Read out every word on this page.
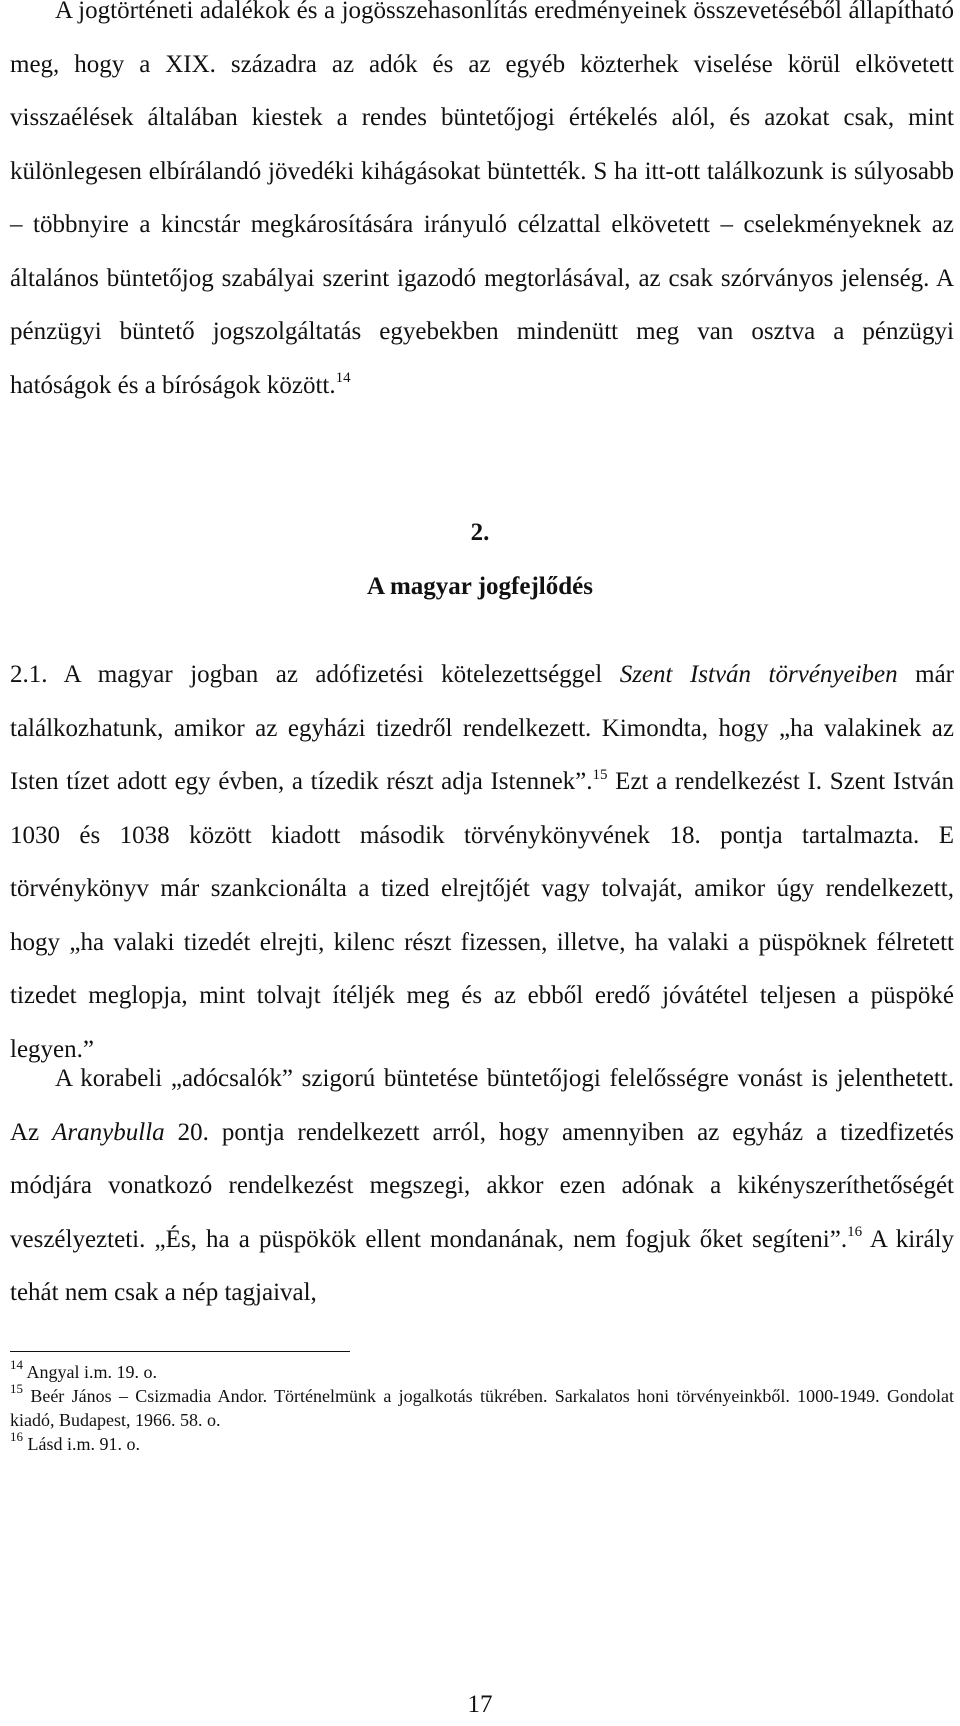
A jogtörténeti adalékok és a jogösszehasonlítás eredményeinek összevetéséből állapítható meg, hogy a XIX. századra az adók és az egyéb közterhek viselése körül elkövetett visszaélések általában kiestek a rendes büntetőjogi értékelés alól, és azokat csak, mint különlegesen elbírálandó jövedéki kihágásokat büntették. S ha itt-ott találkozunk is súlyosabb – többnyire a kincstár megkárosítására irányuló célzattal elkövetett – cselekményeknek az általános büntetőjog szabályai szerint igazodó megtorlásával, az csak szórványos jelenség. A pénzügyi büntető jogszolgáltatás egyebekben mindenütt meg van osztva a pénzügyi hatóságok és a bíróságok között.$^{14}$

2.
A magyar jogfejlődés

2.1. A magyar jogban az adófizetési kötelezettséggel Szent István törvényeiben már találkozhatunk, amikor az egyházi tizedről rendelkezett. Kimondta, hogy „ha valakinek az Isten tízet adott egy évben, a tízedik részt adja Istennek”.$^{15}$ Ezt a rendelkezést I. Szent István 1030 és 1038 között kiadott második törvénykönyvének 18. pontja tartalmazta. E törvénykönyv már szankcionálta a tized elrejtőjét vagy tolvaját, amikor úgy rendelkezett, hogy „ha valaki tizedét elrejti, kilenc részt fizessen, illetve, ha valaki a püspöknek félretett tizedet meglopja, mint tolvajt ítéljék meg és az ebből eredő jóvátétel teljesen a püspöké legyen.”

A korabeli „adócsalók” szigorú büntetése büntetőjogi felelősségre vonást is jelenthetett. Az Aranybulla 20. pontja rendelkezett arról, hogy amennyiben az egyház a tizedfizetés módjára vonatkozó rendelkezést megszegi, akkor ezen adónak a kikényszeríthetőségét veszélyezteti. „És, ha a püspökök ellent mondanának, nem fogjuk őket segíteni”.$^{16}$ A király tehát nem csak a nép tagjaival,

$^{14}$ Angyal i.m. 19. o.

$^{15}$ Beér János – Csizmadia Andor. Történelmünk a jogalkotás tükrében. Sarkalatos honi törvényeinkből. 1000-1949. Gondolat kiadó, Budapest, 1966. 58. o.

$^{16}$ Lásd i.m. 91. o.

17
